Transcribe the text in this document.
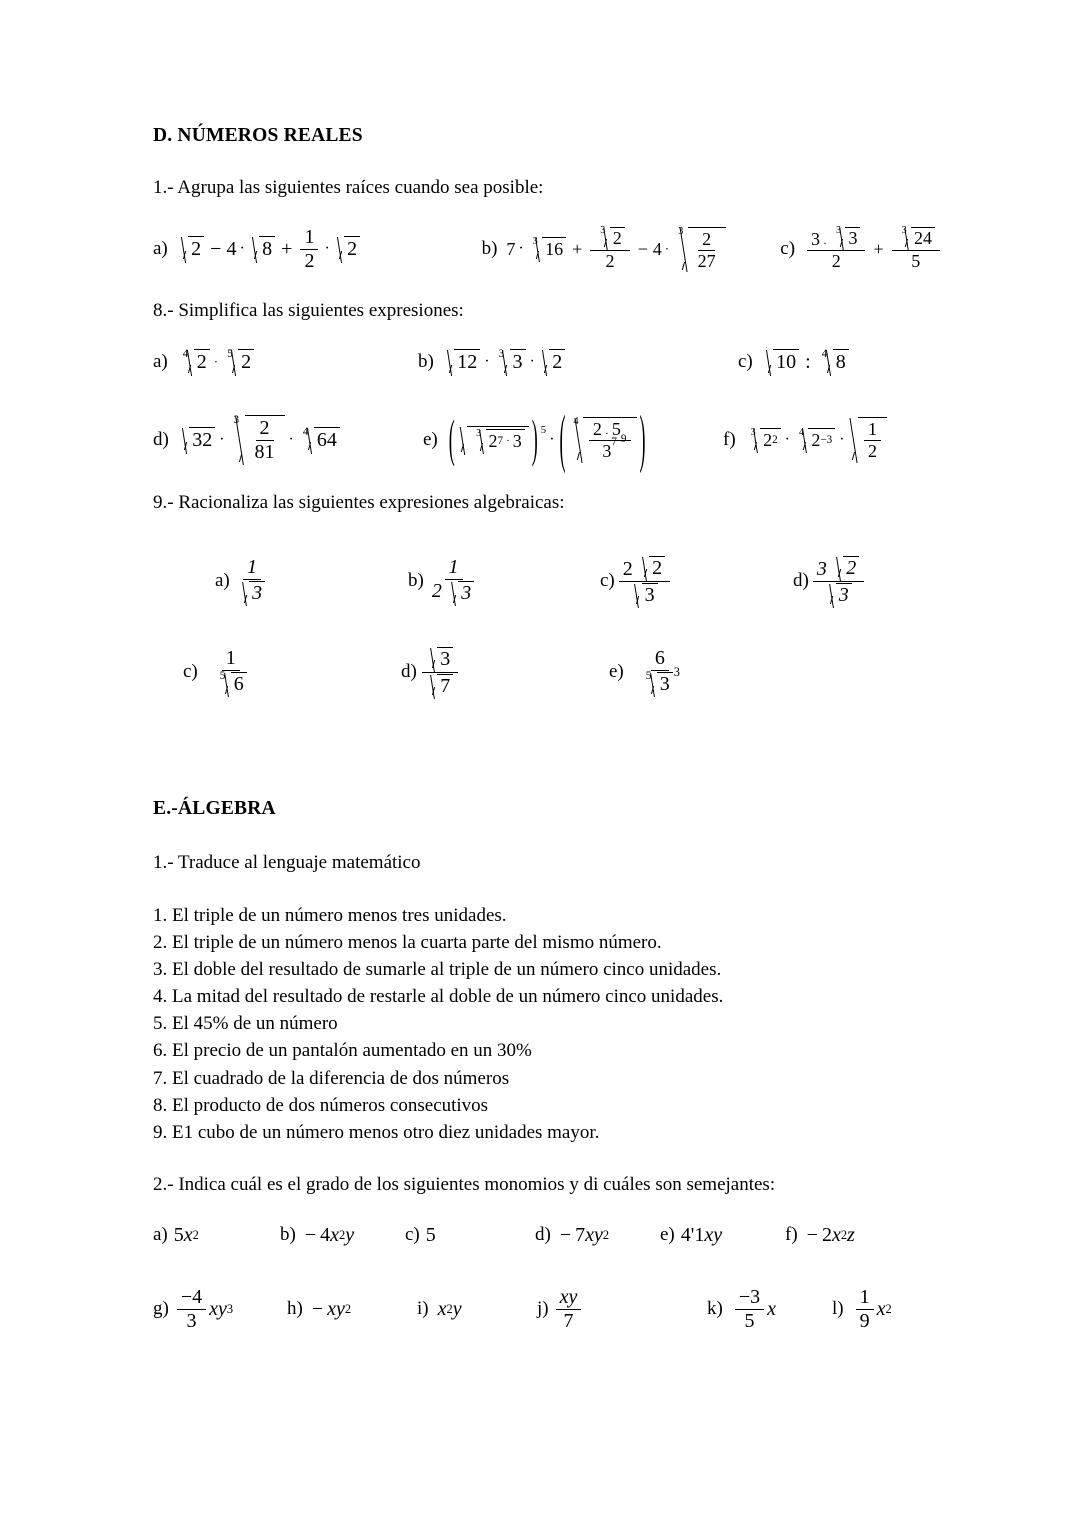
D. NÚMEROS REALES

1.- Agrupa las siguientes raíces cuando sea posible:

a) $2 - 4 \cdot 8 + \frac{1}{2} \cdot 2$	b) 7 · 3 $16 + \frac{3 2}{2} - 4$ ·
$3 \frac{2}{27}$	c) 3 ·
3 3
$2 + \frac{3 24}{5}$

8.- Simplifica las siguientes expresiones:

a) 4 2 · 5 2	b) 12 · 3 3 · 2	c) 10 : 4 8
d) 32 ·
$3 \frac{2}{81} \cdot 4$ 64	e) ( 3 2 7 · 3 ) 5
· ( $4 \frac{2 \cdot 5 9}{3 7}$ )	f) 3 2 2 · 4 $2 -3 \cdot \frac{1}{2}$

9.- Racionaliza las siguientes expresiones algebraicas:

$a) \frac{1}{3}$	$b) \frac{1}{2 3}$	$c) \frac{2 2}{3}$	$d) \frac{3 2}{3}$
$c) \frac{1}{5 6}$	$d) \frac{3}{7}$	e) 6
5 3
3
E.-ÁLGEBRA

1.- Traduce al lenguaje matemático

1. El triple de un número menos tres unidades.
2. El triple de un número menos la cuarta parte del mismo número.
3. El doble del resultado de sumarle al triple de un número cinco unidades.
4. La mitad del resultado de restarle al doble de un número cinco unidades.
5. El 45% de un número
6. El precio de un pantalón aumentado en un 30%
7. El cuadrado de la diferencia de dos números
8. El producto de dos números consecutivos
9. E1 cubo de un número menos otro diez unidades mayor.

2.- Indica cuál es el grado de los siguientes monomios y di cuáles son semejantes:

a) 5 x 2	b) − 4 x 2 y	c) 5	d) − 7 xy 2	e) 4'1 xy	f) − 2 x 2 z
$g) \frac{-4}{3}$ xy 3	h) −  xy 2	i) x 2 y	$j) \frac{xy}{7}$	$k) \frac{-3}{5}$ x	$l) \frac{1}{9}$ x 2
